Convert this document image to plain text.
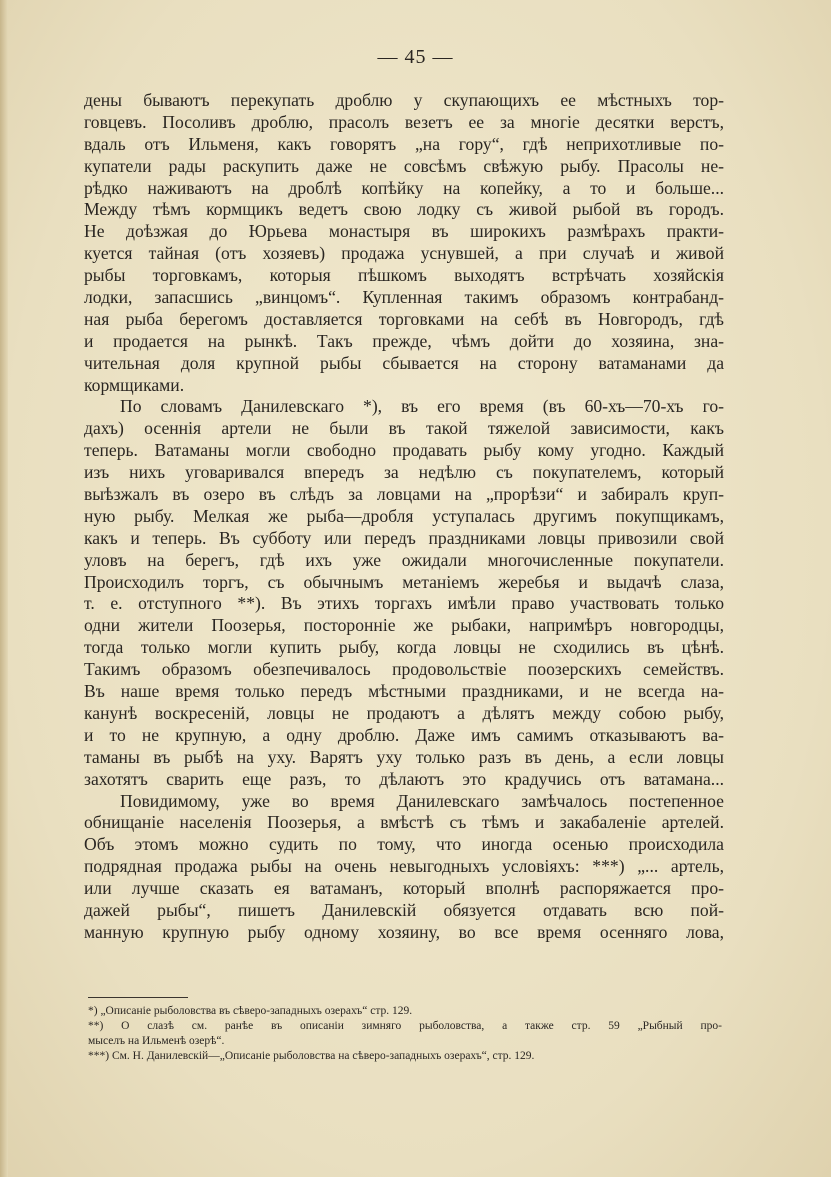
— 45 —
дены бываютъ перекупать дроблю у скупающихъ ее мѣстныхъ тор-
говцевъ. Посоливъ дроблю, прасолъ везетъ ее за многіе десятки верстъ,
вдаль отъ Ильменя, какъ говорятъ „на гору“, гдѣ неприхотливые по-
купатели рады раскупить даже не совсѣмъ свѣжую рыбу. Прасолы не-
рѣдко наживаютъ на дроблѣ копѣйку на копейку, а то и больше...
Между тѣмъ кормщикъ ведетъ свою лодку съ живой рыбой въ городъ.
Не доѣзжая до Юрьева монастыря въ широкихъ размѣрахъ практи-
куется тайная (отъ хозяевъ) продажа уснувшей, а при случаѣ и живой
рыбы торговкамъ, которыя пѣшкомъ выходятъ встрѣчать хозяйскія
лодки, запасшись „винцомъ“. Купленная такимъ образомъ контрабанд-
ная рыба берегомъ доставляется торговками на себѣ въ Новгородъ, гдѣ
и продается на рынкѣ. Такъ прежде, чѣмъ дойти до хозяина, зна-
чительная доля крупной рыбы сбывается на сторону ватаманами да
кормщиками.
По словамъ Данилевскаго *), въ его время (въ 60-хъ—70-хъ го-
дахъ) осеннія артели не были въ такой тяжелой зависимости, какъ
теперь. Ватаманы могли свободно продавать рыбу кому угодно. Каждый
изъ нихъ уговаривался впередъ за недѣлю съ покупателемъ, который
выѣзжалъ въ озеро въ слѣдъ за ловцами на „прорѣзи“ и забиралъ круп-
ную рыбу. Мелкая же рыба—дробля уступалась другимъ покупщикамъ,
какъ и теперь. Въ субботу или передъ праздниками ловцы привозили свой
уловъ на берегъ, гдѣ ихъ уже ожидали многочисленные покупатели.
Происходилъ торгъ, съ обычнымъ метаніемъ жеребья и выдачѣ слаза,
т. е. отступного **). Въ этихъ торгахъ имѣли право участвовать только
одни жители Поозерья, посторонніе же рыбаки, напримѣръ новгородцы,
тогда только могли купить рыбу, когда ловцы не сходились въ цѣнѣ.
Такимъ образомъ обезпечивалось продовольствіе поозерскихъ семействъ.
Въ наше время только передъ мѣстными праздниками, и не всегда на-
канунѣ воскресеній, ловцы не продаютъ а дѣлятъ между собою рыбу,
и то не крупную, а одну дроблю. Даже имъ самимъ отказываютъ ва-
таманы въ рыбѣ на уху. Варятъ уху только разъ въ день, а если ловцы
захотятъ сварить еще разъ, то дѣлаютъ это крадучись отъ ватамана...
Повидимому, уже во время Данилевскаго замѣчалось постепенное
обнищаніе населенія Поозерья, а вмѣстѣ съ тѣмъ и закабаленіе артелей.
Объ этомъ можно судить по тому, что иногда осенью происходила
подрядная продажа рыбы на очень невыгодныхъ условіяхъ: ***) „... артель,
или лучше сказать ея ватаманъ, который вполнѣ распоряжается про-
дажей рыбы“, пишетъ Данилевскій обязуется отдавать всю пой-
манную крупную рыбу одному хозяину, во все время осенняго лова,
*) „Описаніе рыболовства въ сѣверо-западныхъ озерахъ“ стр. 129.
**) О слазѣ см. ранѣе въ описаніи зимняго рыболовства, а также стр. 59 „Рыбный про-
мыселъ на Ильменѣ озерѣ“.
***) См. Н. Данилевскій—„Описаніе рыболовства на сѣверо-западныхъ озерахъ“, стр. 129.
